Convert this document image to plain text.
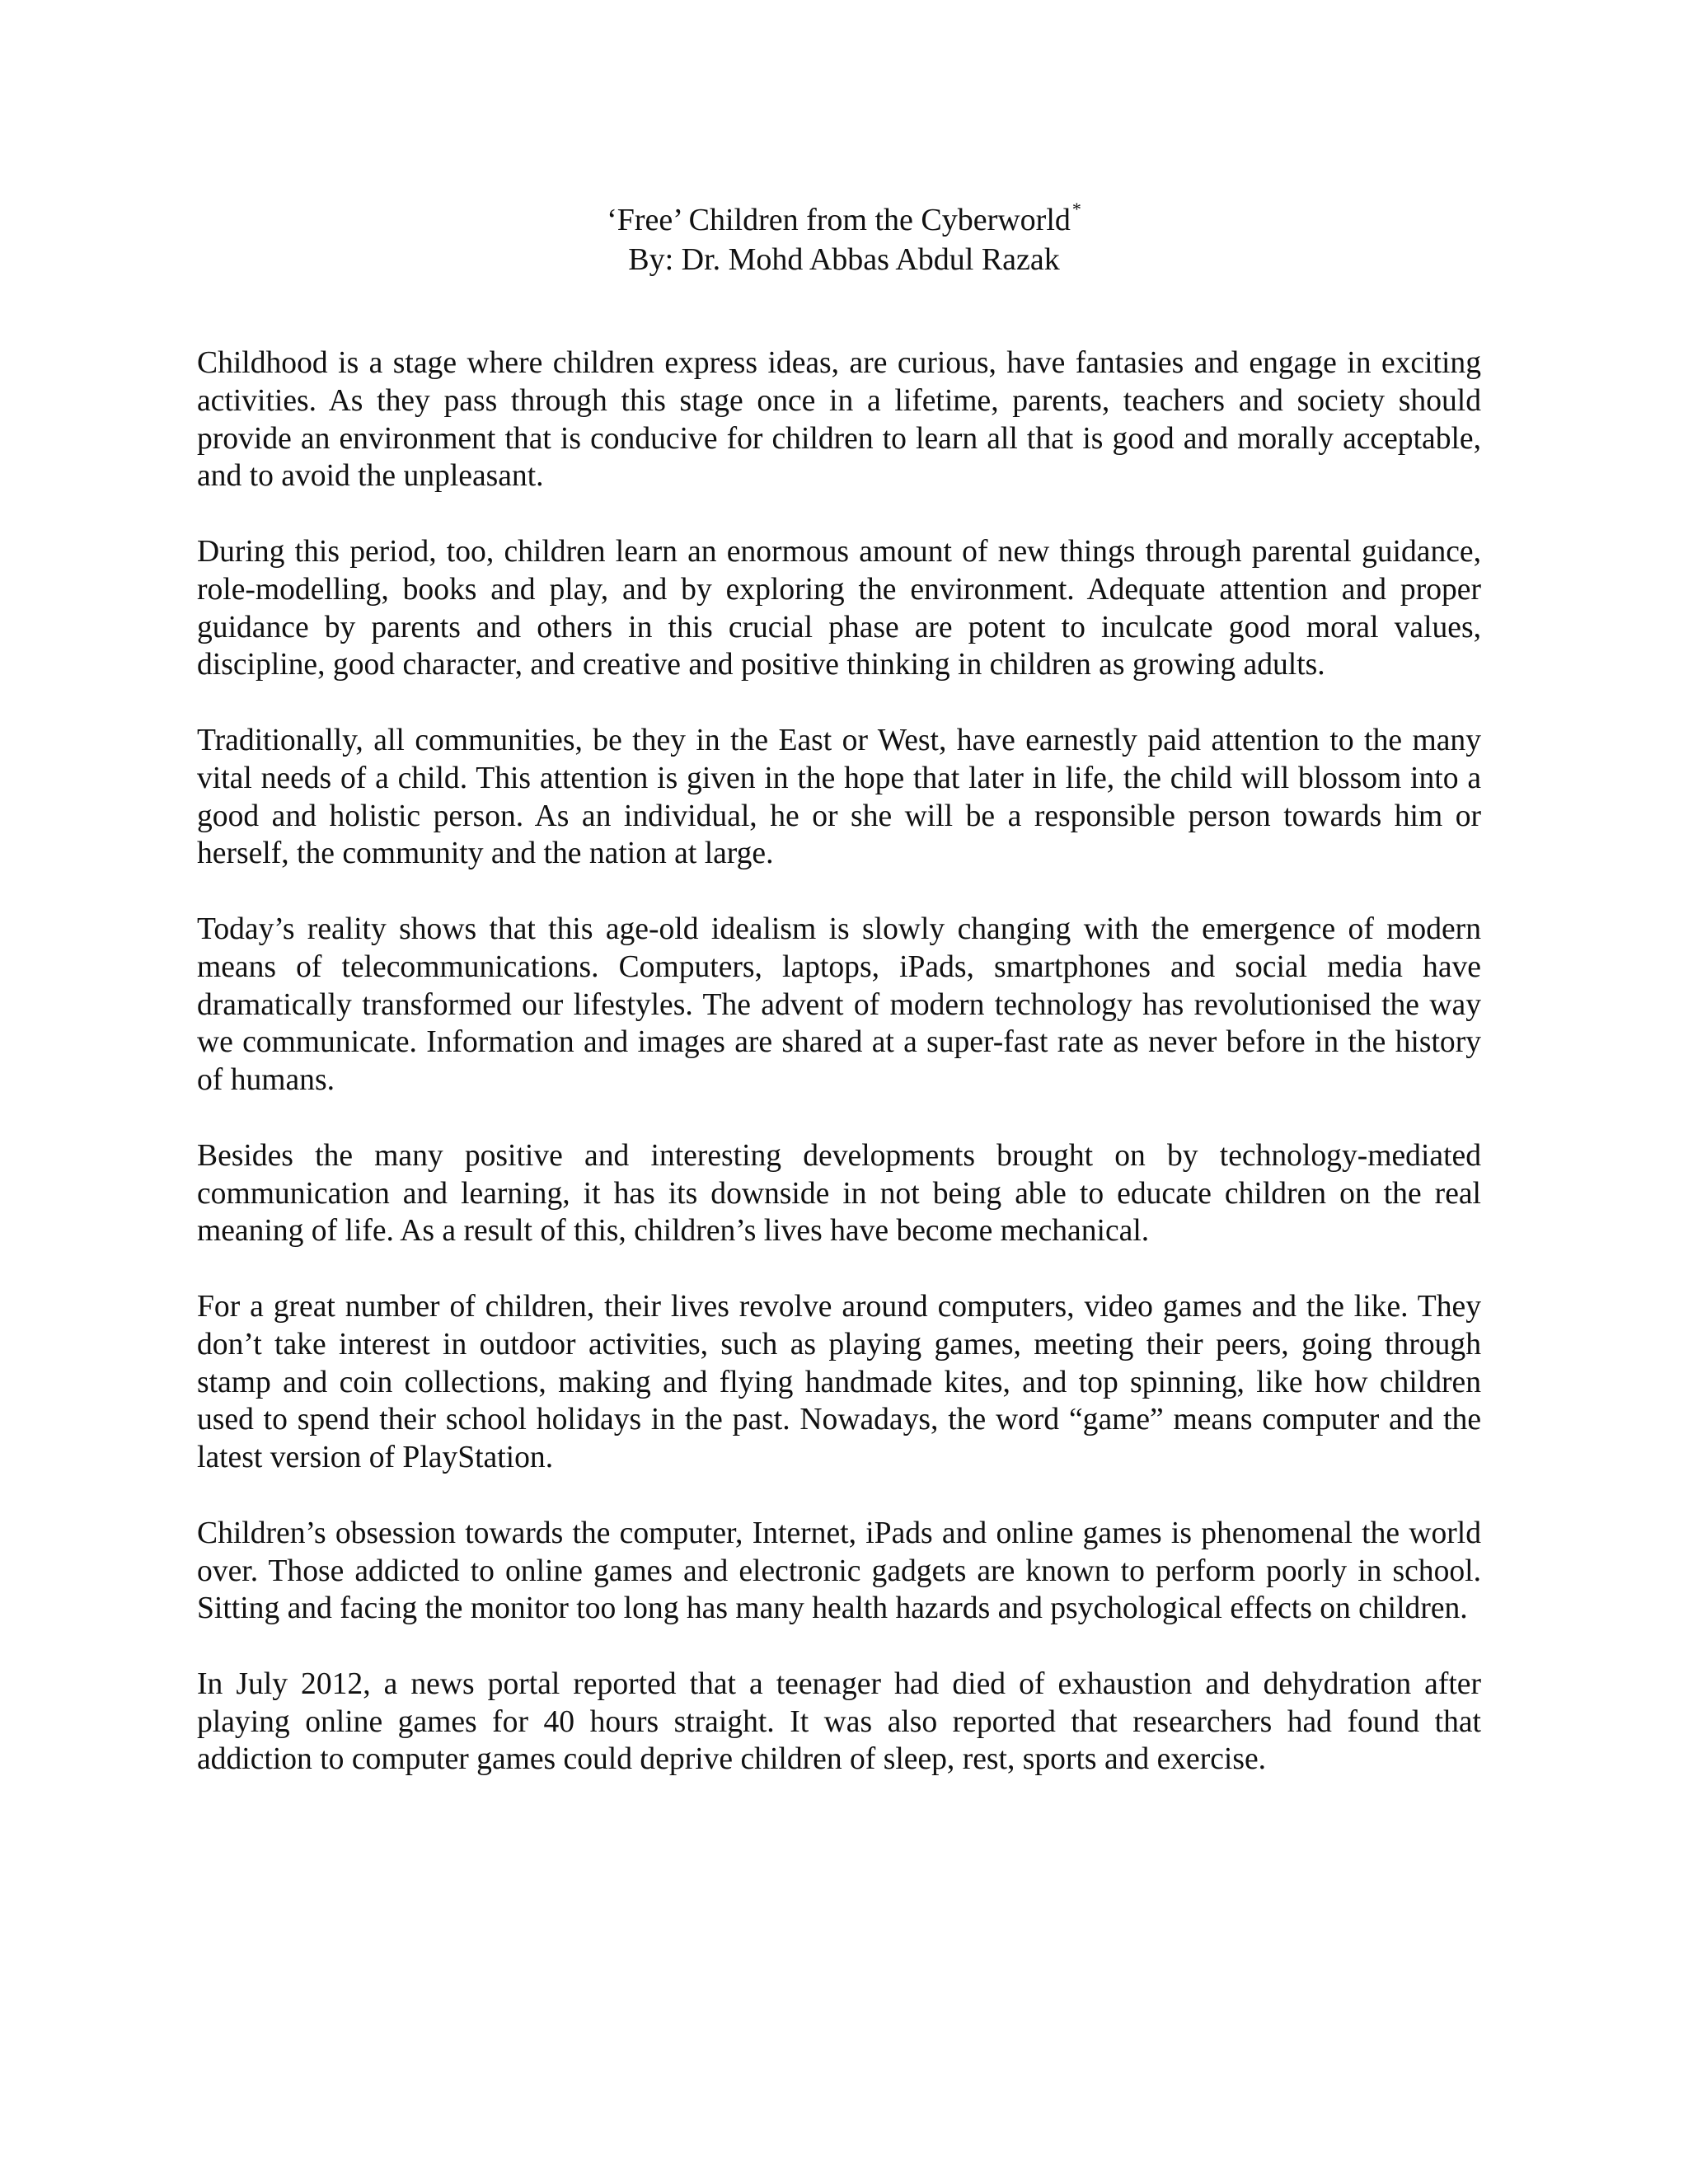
‘Free’ Children from the Cyberworld*
By: Dr. Mohd Abbas Abdul Razak

Childhood is a stage where children express ideas, are curious, have fantasies and engage in exciting activities. As they pass through this stage once in a lifetime, parents, teachers and society should provide an environment that is conducive for children to learn all that is good and morally acceptable, and to avoid the unpleasant.

During this period, too, children learn an enormous amount of new things through parental guidance, role-modelling, books and play, and by exploring the environment. Adequate attention and proper guidance by parents and others in this crucial phase are potent to inculcate good moral values, discipline, good character, and creative and positive thinking in children as growing adults.

Traditionally, all communities, be they in the East or West, have earnestly paid attention to the many vital needs of a child. This attention is given in the hope that later in life, the child will blossom into a good and holistic person. As an individual, he or she will be a responsible person towards him or herself, the community and the nation at large.

Today’s reality shows that this age-old idealism is slowly changing with the emergence of modern means of telecommunications. Computers, laptops, iPads, smartphones and social media have dramatically transformed our lifestyles. The advent of modern technology has revolutionised the way we communicate. Information and images are shared at a super-fast rate as never before in the history of humans.

Besides the many positive and interesting developments brought on by technology-mediated communication and learning, it has its downside in not being able to educate children on the real meaning of life. As a result of this, children’s lives have become mechanical.

For a great number of children, their lives revolve around computers, video games and the like. They don’t take interest in outdoor activities, such as playing games, meeting their peers, going through stamp and coin collections, making and flying handmade kites, and top spinning, like how children used to spend their school holidays in the past. Nowadays, the word “game” means computer and the latest version of PlayStation.

Children’s obsession towards the computer, Internet, iPads and online games is phenomenal the world over. Those addicted to online games and electronic gadgets are known to perform poorly in school. Sitting and facing the monitor too long has many health hazards and psychological effects on children.

In July 2012, a news portal reported that a teenager had died of exhaustion and dehydration after playing online games for 40 hours straight. It was also reported that researchers had found that addiction to computer games could deprive children of sleep, rest, sports and exercise.
